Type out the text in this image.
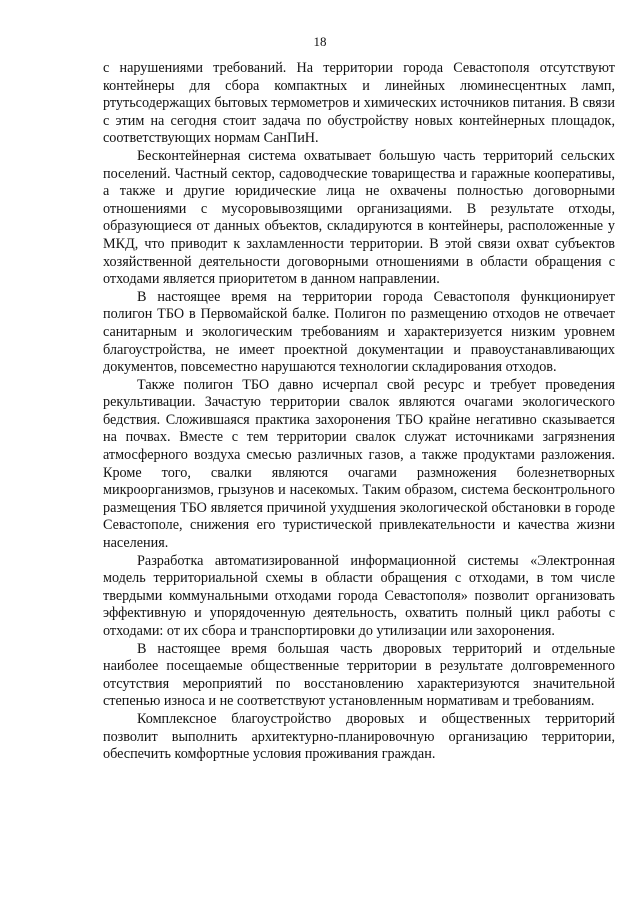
18

с нарушениями требований. На территории города Севастополя отсутствуют контейнеры для сбора компактных и линейных люминесцентных ламп, ртутьсодержащих бытовых термометров и химических источников питания. В связи с этим на сегодня стоит задача по обустройству новых контейнерных площадок, соответствующих нормам СанПиН.

Бесконтейнерная система охватывает большую часть территорий сельских поселений. Частный сектор, садоводческие товарищества и гаражные кооперативы, а также и другие юридические лица не охвачены полностью договорными отношениями с мусоровывозящими организациями. В результате отходы, образующиеся от данных объектов, складируются в контейнеры, расположенные у МКД, что приводит к захламленности территории. В этой связи охват субъектов хозяйственной деятельности договорными отношениями в области обращения с отходами является приоритетом в данном направлении.

В настоящее время на территории города Севастополя функционирует полигон ТБО в Первомайской балке. Полигон по размещению отходов не отвечает санитарным и экологическим требованиям и характеризуется низким уровнем благоустройства, не имеет проектной документации и правоустанавливающих документов, повсеместно нарушаются технологии складирования отходов.

Также полигон ТБО давно исчерпал свой ресурс и требует проведения рекультивации. Зачастую территории свалок являются очагами экологического бедствия. Сложившаяся практика захоронения ТБО крайне негативно сказывается на почвах. Вместе с тем территории свалок служат источниками загрязнения атмосферного воздуха смесью различных газов, а также продуктами разложения. Кроме того, свалки являются очагами размножения болезнетворных микроорганизмов, грызунов и насекомых. Таким образом, система бесконтрольного размещения ТБО является причиной ухудшения экологической обстановки в городе Севастополе, снижения его туристической привлекательности и качества жизни населения.

Разработка автоматизированной информационной системы «Электронная модель территориальной схемы в области обращения с отходами, в том числе твердыми коммунальными отходами города Севастополя» позволит организовать эффективную и упорядоченную деятельность, охватить полный цикл работы с отходами: от их сбора и транспортировки до утилизации или захоронения.

В настоящее время большая часть дворовых территорий и отдельные наиболее посещаемые общественные территории в результате долговременного отсутствия мероприятий по восстановлению характеризуются значительной степенью износа и не соответствуют установленным нормативам и требованиям.

Комплексное благоустройство дворовых и общественных территорий позволит выполнить архитектурно-планировочную организацию территории, обеспечить комфортные условия проживания граждан.
